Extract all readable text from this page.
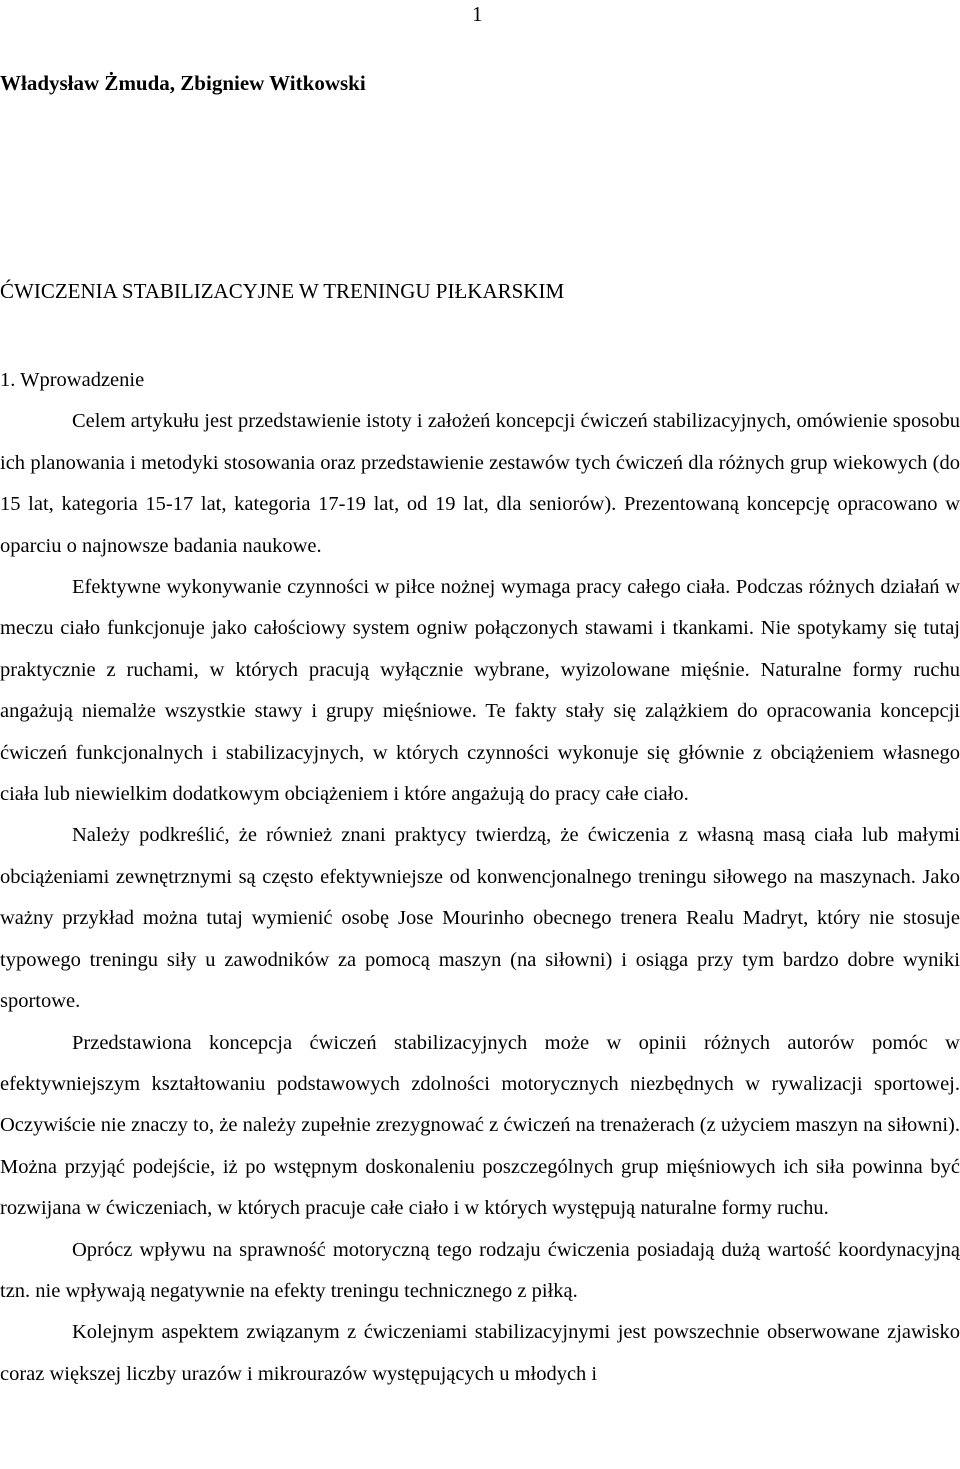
1
Władysław Żmuda, Zbigniew Witkowski
ĆWICZENIA STABILIZACYJNE W TRENINGU PIŁKARSKIM

1. Wprowadzenie

Celem artykułu jest przedstawienie istoty i założeń koncepcji ćwiczeń stabilizacyjnych, omówienie sposobu ich planowania i metodyki stosowania oraz przedstawienie zestawów tych ćwiczeń dla różnych grup wiekowych (do 15 lat, kategoria 15-17 lat, kategoria 17-19 lat, od 19 lat, dla seniorów). Prezentowaną koncepcję opracowano w oparciu o najnowsze badania naukowe.

Efektywne wykonywanie czynności w piłce nożnej wymaga pracy całego ciała. Podczas różnych działań w meczu ciało funkcjonuje jako całościowy system ogniw połączonych stawami i tkankami. Nie spotykamy się tutaj praktycznie z ruchami, w których pracują wyłącznie wybrane, wyizolowane mięśnie. Naturalne formy ruchu angażują niemalże wszystkie stawy i grupy mięśniowe. Te fakty stały się zalążkiem do opracowania koncepcji ćwiczeń funkcjonalnych i stabilizacyjnych, w których czynności wykonuje się głównie z obciążeniem własnego ciała lub niewielkim dodatkowym obciążeniem i które angażują do pracy całe ciało.

Należy podkreślić, że również znani praktycy twierdzą, że ćwiczenia z własną masą ciała lub małymi obciążeniami zewnętrznymi są często efektywniejsze od konwencjonalnego treningu siłowego na maszynach. Jako ważny przykład można tutaj wymienić osobę Jose Mourinho obecnego trenera Realu Madryt, który nie stosuje typowego treningu siły u zawodników za pomocą maszyn (na siłowni) i osiąga przy tym bardzo dobre wyniki sportowe.

Przedstawiona koncepcja ćwiczeń stabilizacyjnych może w opinii różnych autorów pomóc w efektywniejszym kształtowaniu podstawowych zdolności motorycznych niezbędnych w rywalizacji sportowej. Oczywiście nie znaczy to, że należy zupełnie zrezygnować z ćwiczeń na trenażerach (z użyciem maszyn na siłowni). Można przyjąć podejście, iż po wstępnym doskonaleniu poszczególnych grup mięśniowych ich siła powinna być rozwijana w ćwiczeniach, w których pracuje całe ciało i w których występują naturalne formy ruchu.

Oprócz wpływu na sprawność motoryczną tego rodzaju ćwiczenia posiadają dużą wartość koordynacyjną tzn. nie wpływają negatywnie na efekty treningu technicznego z piłką.

Kolejnym aspektem związanym z ćwiczeniami stabilizacyjnymi jest powszechnie obserwowane zjawisko coraz większej liczby urazów i mikrourazów występujących u młodych i
